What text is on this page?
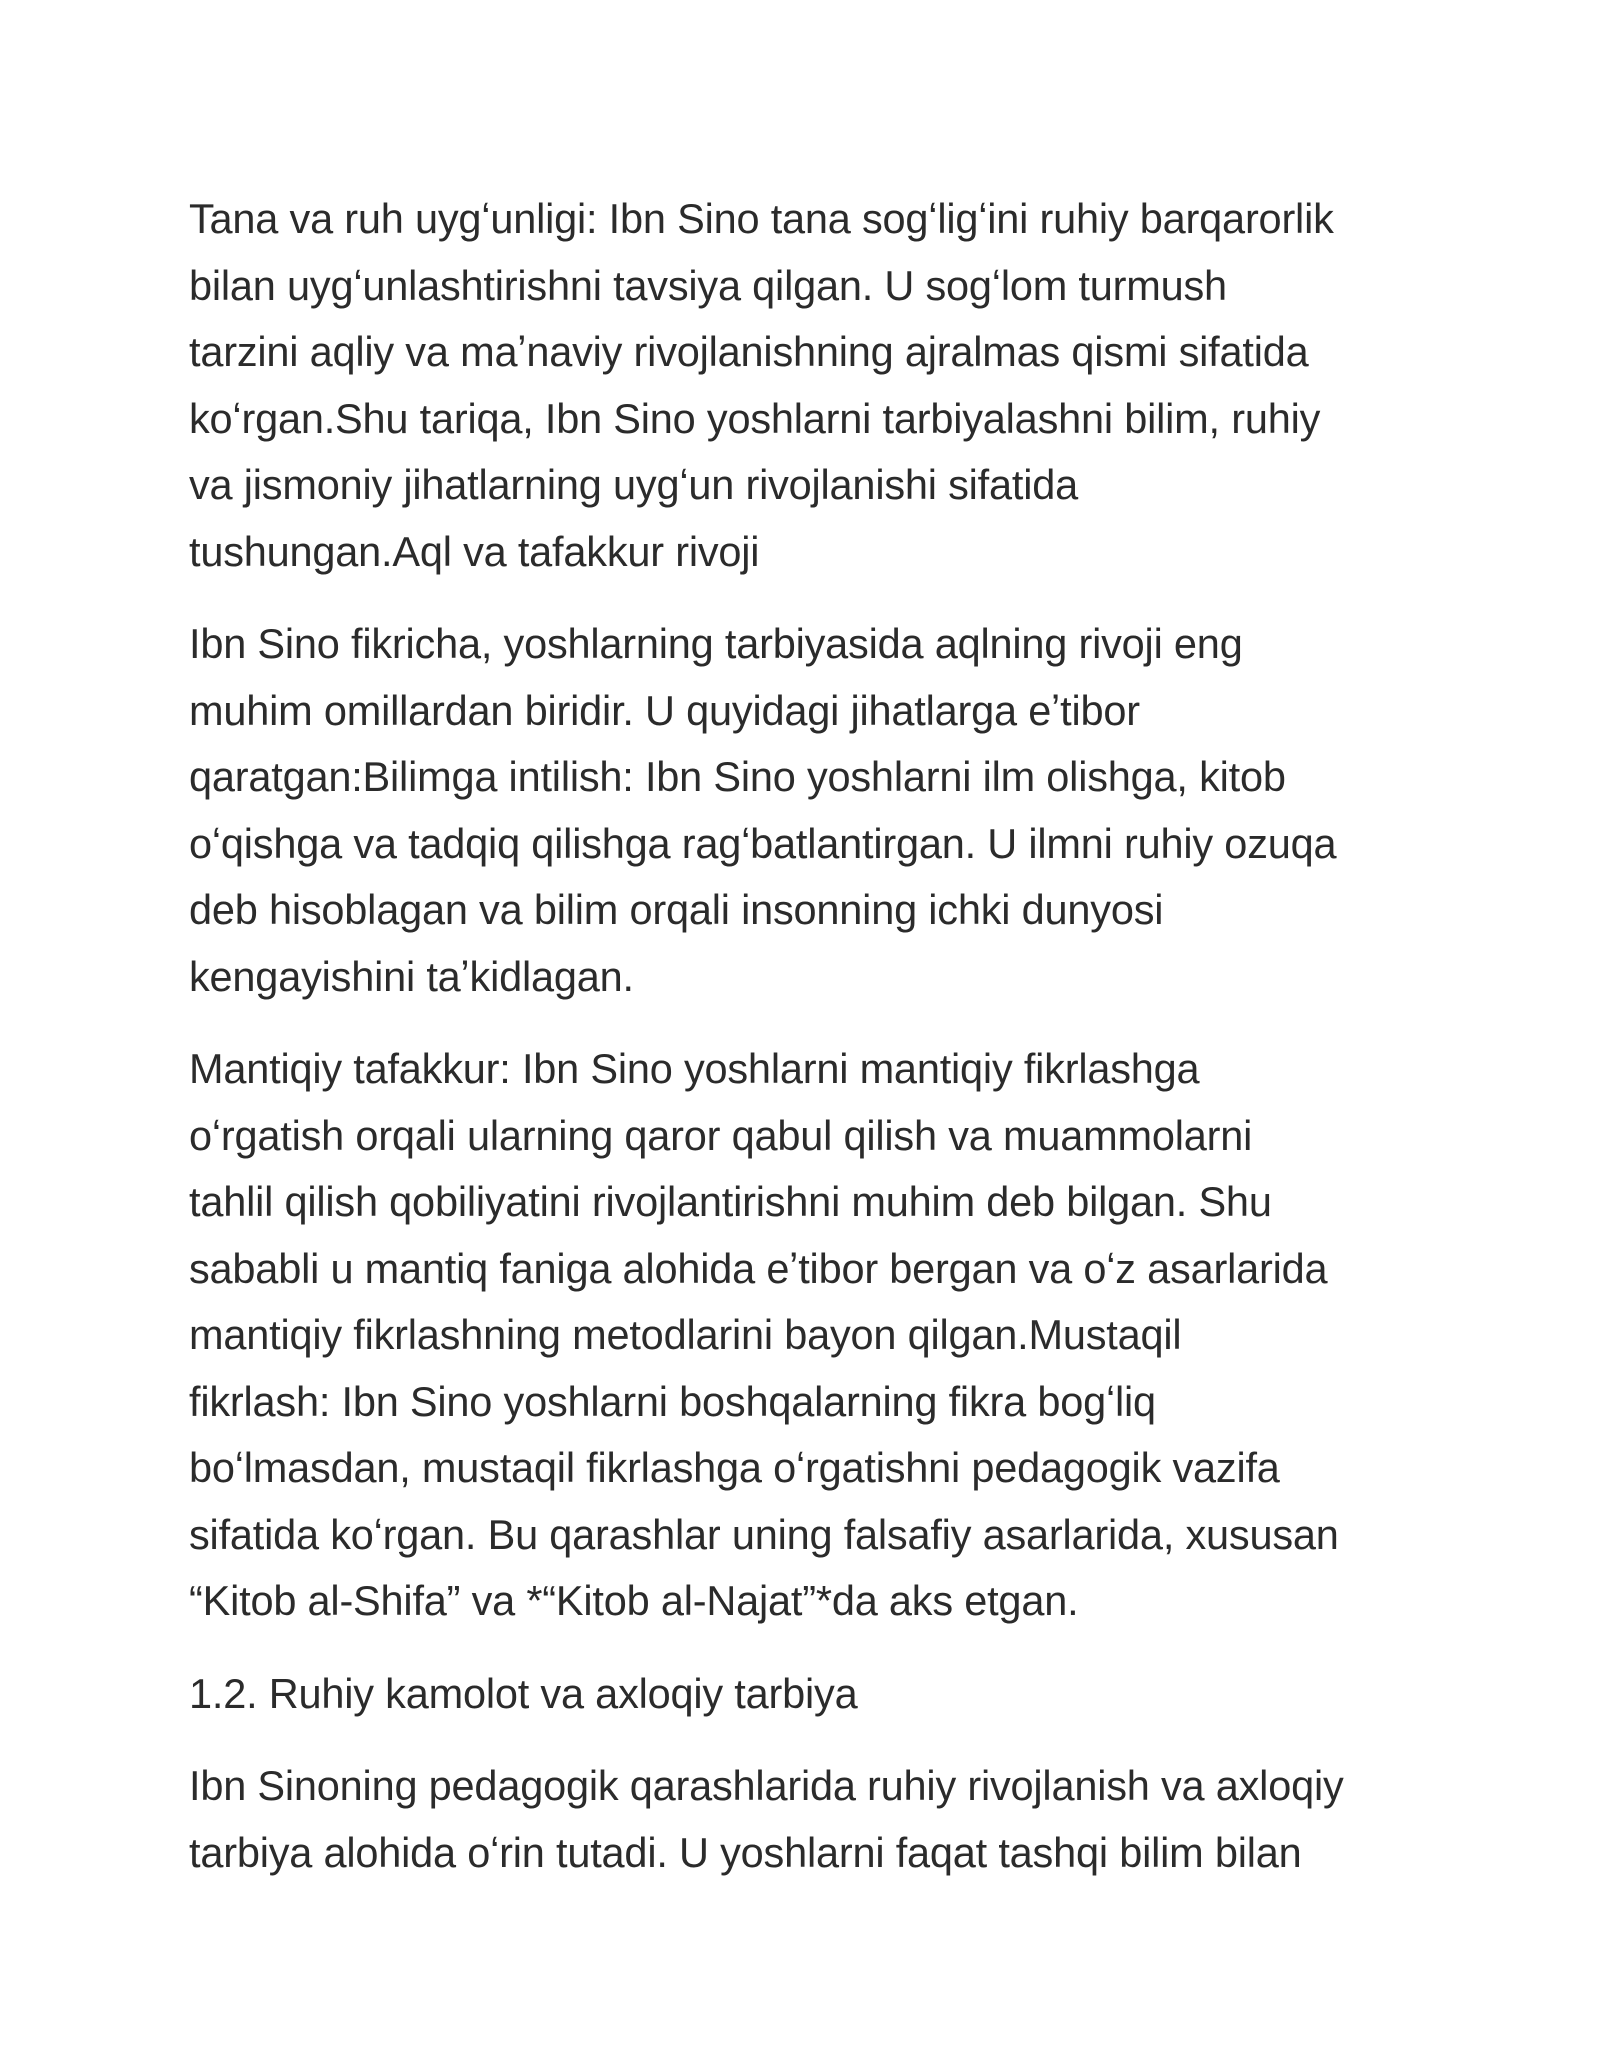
Tana va ruh uygʻunligi: Ibn Sino tana sogʻligʻini ruhiy barqarorlik
bilan uygʻunlashtirishni tavsiya qilgan. U sogʻlom turmush
tarzini aqliy va maʼnaviy rivojlanishning ajralmas qismi sifatida
koʻrgan.Shu tariqa, Ibn Sino yoshlarni tarbiyalashni bilim, ruhiy
va jismoniy jihatlarning uygʻun rivojlanishi sifatida
tushungan.Aql va tafakkur rivoji

Ibn Sino fikricha, yoshlarning tarbiyasida aqlning rivoji eng
muhim omillardan biridir. U quyidagi jihatlarga eʼtibor
qaratgan:Bilimga intilish: Ibn Sino yoshlarni ilm olishga, kitob
oʻqishga va tadqiq qilishga ragʻbatlantirgan. U ilmni ruhiy ozuqa
deb hisoblagan va bilim orqali insonning ichki dunyosi
kengayishini taʼkidlagan.

Mantiqiy tafakkur: Ibn Sino yoshlarni mantiqiy fikrlashga
oʻrgatish orqali ularning qaror qabul qilish va muammolarni
tahlil qilish qobiliyatini rivojlantirishni muhim deb bilgan. Shu
sababli u mantiq faniga alohida eʼtibor bergan va oʻz asarlarida
mantiqiy fikrlashning metodlarini bayon qilgan.Mustaqil
fikrlash: Ibn Sino yoshlarni boshqalarning fikra bogʻliq
boʻlmasdan, mustaqil fikrlashga oʻrgatishni pedagogik vazifa
sifatida koʻrgan. Bu qarashlar uning falsafiy asarlarida, xususan
“Kitob al-Shifa” va *“Kitob al-Najat”*da aks etgan.

1.2. Ruhiy kamolot va axloqiy tarbiya

Ibn Sinoning pedagogik qarashlarida ruhiy rivojlanish va axloqiy
tarbiya alohida oʻrin tutadi. U yoshlarni faqat tashqi bilim bilan
